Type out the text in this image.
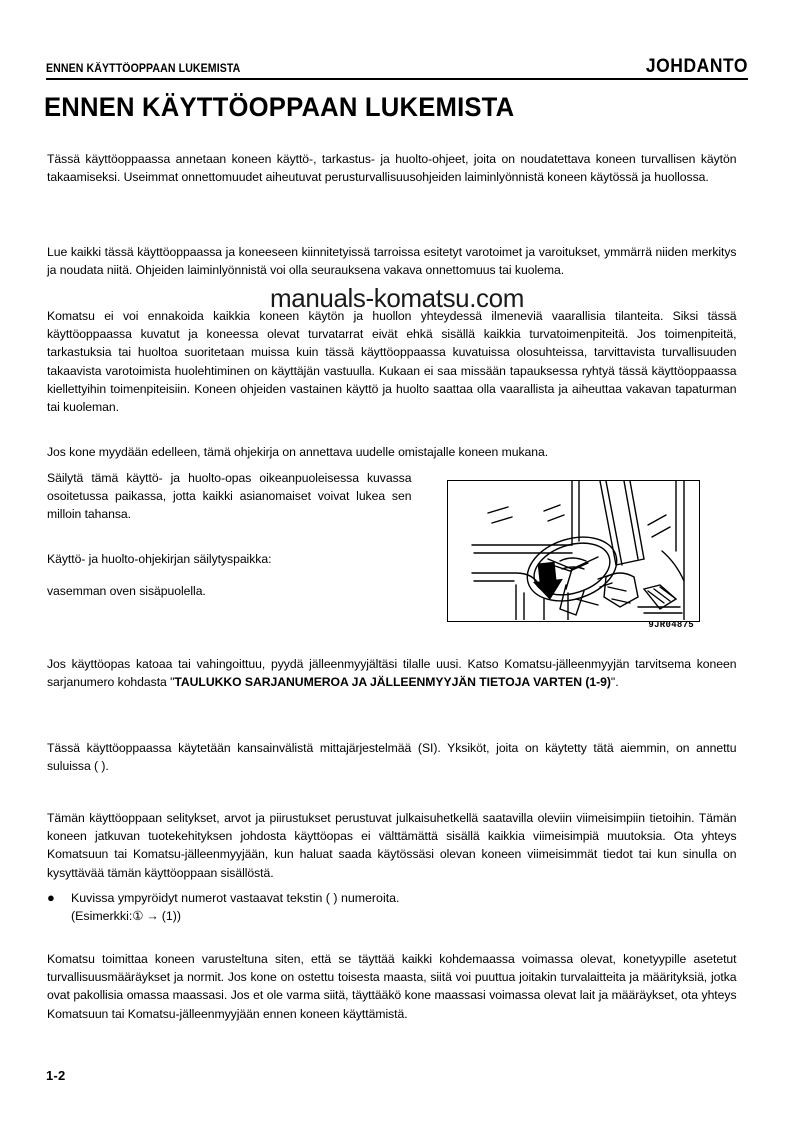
ENNEN KÄYTTÖOPPAAN LUKEMISTA	JOHDANTO
ENNEN KÄYTTÖOPPAAN LUKEMISTA
Tässä käyttöoppaassa annetaan koneen käyttö-, tarkastus- ja huolto-ohjeet, joita on noudatettava koneen turvallisen käytön takaamiseksi. Useimmat onnettomuudet aiheutuvat perusturvallisuusohjeiden laiminlyönnistä koneen käytössä ja huollossa.
Lue kaikki tässä käyttöoppaassa ja koneeseen kiinnitetyissä tarroissa esitetyt varotoimet ja varoitukset, ymmärrä niiden merkitys ja noudata niitä. Ohjeiden laiminlyönnistä voi olla seurauksena vakava onnettomuus tai kuolema.
manuals-komatsu.com
Komatsu ei voi ennakoida kaikkia koneen käytön ja huollon yhteydessä ilmeneviä vaarallisia tilanteita. Siksi tässä käyttöoppaassa kuvatut ja koneessa olevat turvatarrat eivät ehkä sisällä kaikkia turvatoimenpiteitä. Jos toimenpiteitä, tarkastuksia tai huoltoa suoritetaan muissa kuin tässä käyttöoppaassa kuvatuissa olosuhteissa, tarvittavista turvallisuuden takaavista varotoimista huolehtiminen on käyttäjän vastuulla. Kukaan ei saa missään tapauksessa ryhtyä tässä käyttöoppaassa kiellettyihin toimenpiteisiin. Koneen ohjeiden vastainen käyttö ja huolto saattaa olla vaarallista ja aiheuttaa vakavan tapaturman tai kuoleman.
Jos kone myydään edelleen, tämä ohjekirja on annettava uudelle omistajalle koneen mukana.
Säilytä tämä käyttö- ja huolto-opas oikeanpuoleisessa kuvassa osoitetussa paikassa, jotta kaikki asianomaiset voivat lukea sen milloin tahansa.
Käyttö- ja huolto-ohjekirjan säilytyspaikka:
vasemman oven sisäpuolella.
9JR04875
Jos käyttöopas katoaa tai vahingoittuu, pyydä jälleenmyyjältäsi tilalle uusi. Katso Komatsu-jälleenmyyjän tarvitsema koneen sarjanumero kohdasta "TAULUKKO SARJANUMEROA JA JÄLLEENMYYJÄN TIETOJA VARTEN (1-9)".
Tässä käyttöoppaassa käytetään kansainvälistä mittajärjestelmää (SI). Yksiköt, joita on käytetty tätä aiemmin, on annettu suluissa ( ).
Tämän käyttöoppaan selitykset, arvot ja piirustukset perustuvat julkaisuhetkellä saatavilla oleviin viimeisimpiin tietoihin. Tämän koneen jatkuvan tuotekehityksen johdosta käyttöopas ei välttämättä sisällä kaikkia viimeisimpiä muutoksia. Ota yhteys Komatsuun tai Komatsu-jälleenmyyjään, kun haluat saada käytössäsi olevan koneen viimeisimmät tiedot tai kun sinulla on kysyttävää tämän käyttöoppaan sisällöstä.
●	Kuvissa ympyröidyt numerot vastaavat tekstin ( ) numeroita.
(Esimerkki:① → (1))
Komatsu toimittaa koneen varusteltuna siten, että se täyttää kaikki kohdemaassa voimassa olevat, konetyypille asetetut turvallisuusmääräykset ja normit. Jos kone on ostettu toisesta maasta, siitä voi puuttua joitakin turvalaitteita ja määrityksiä, jotka ovat pakollisia omassa maassasi. Jos et ole varma siitä, täyttääkö kone maassasi voimassa olevat lait ja määräykset, ota yhteys Komatsuun tai Komatsu-jälleenmyyjään ennen koneen käyttämistä.
1-2
